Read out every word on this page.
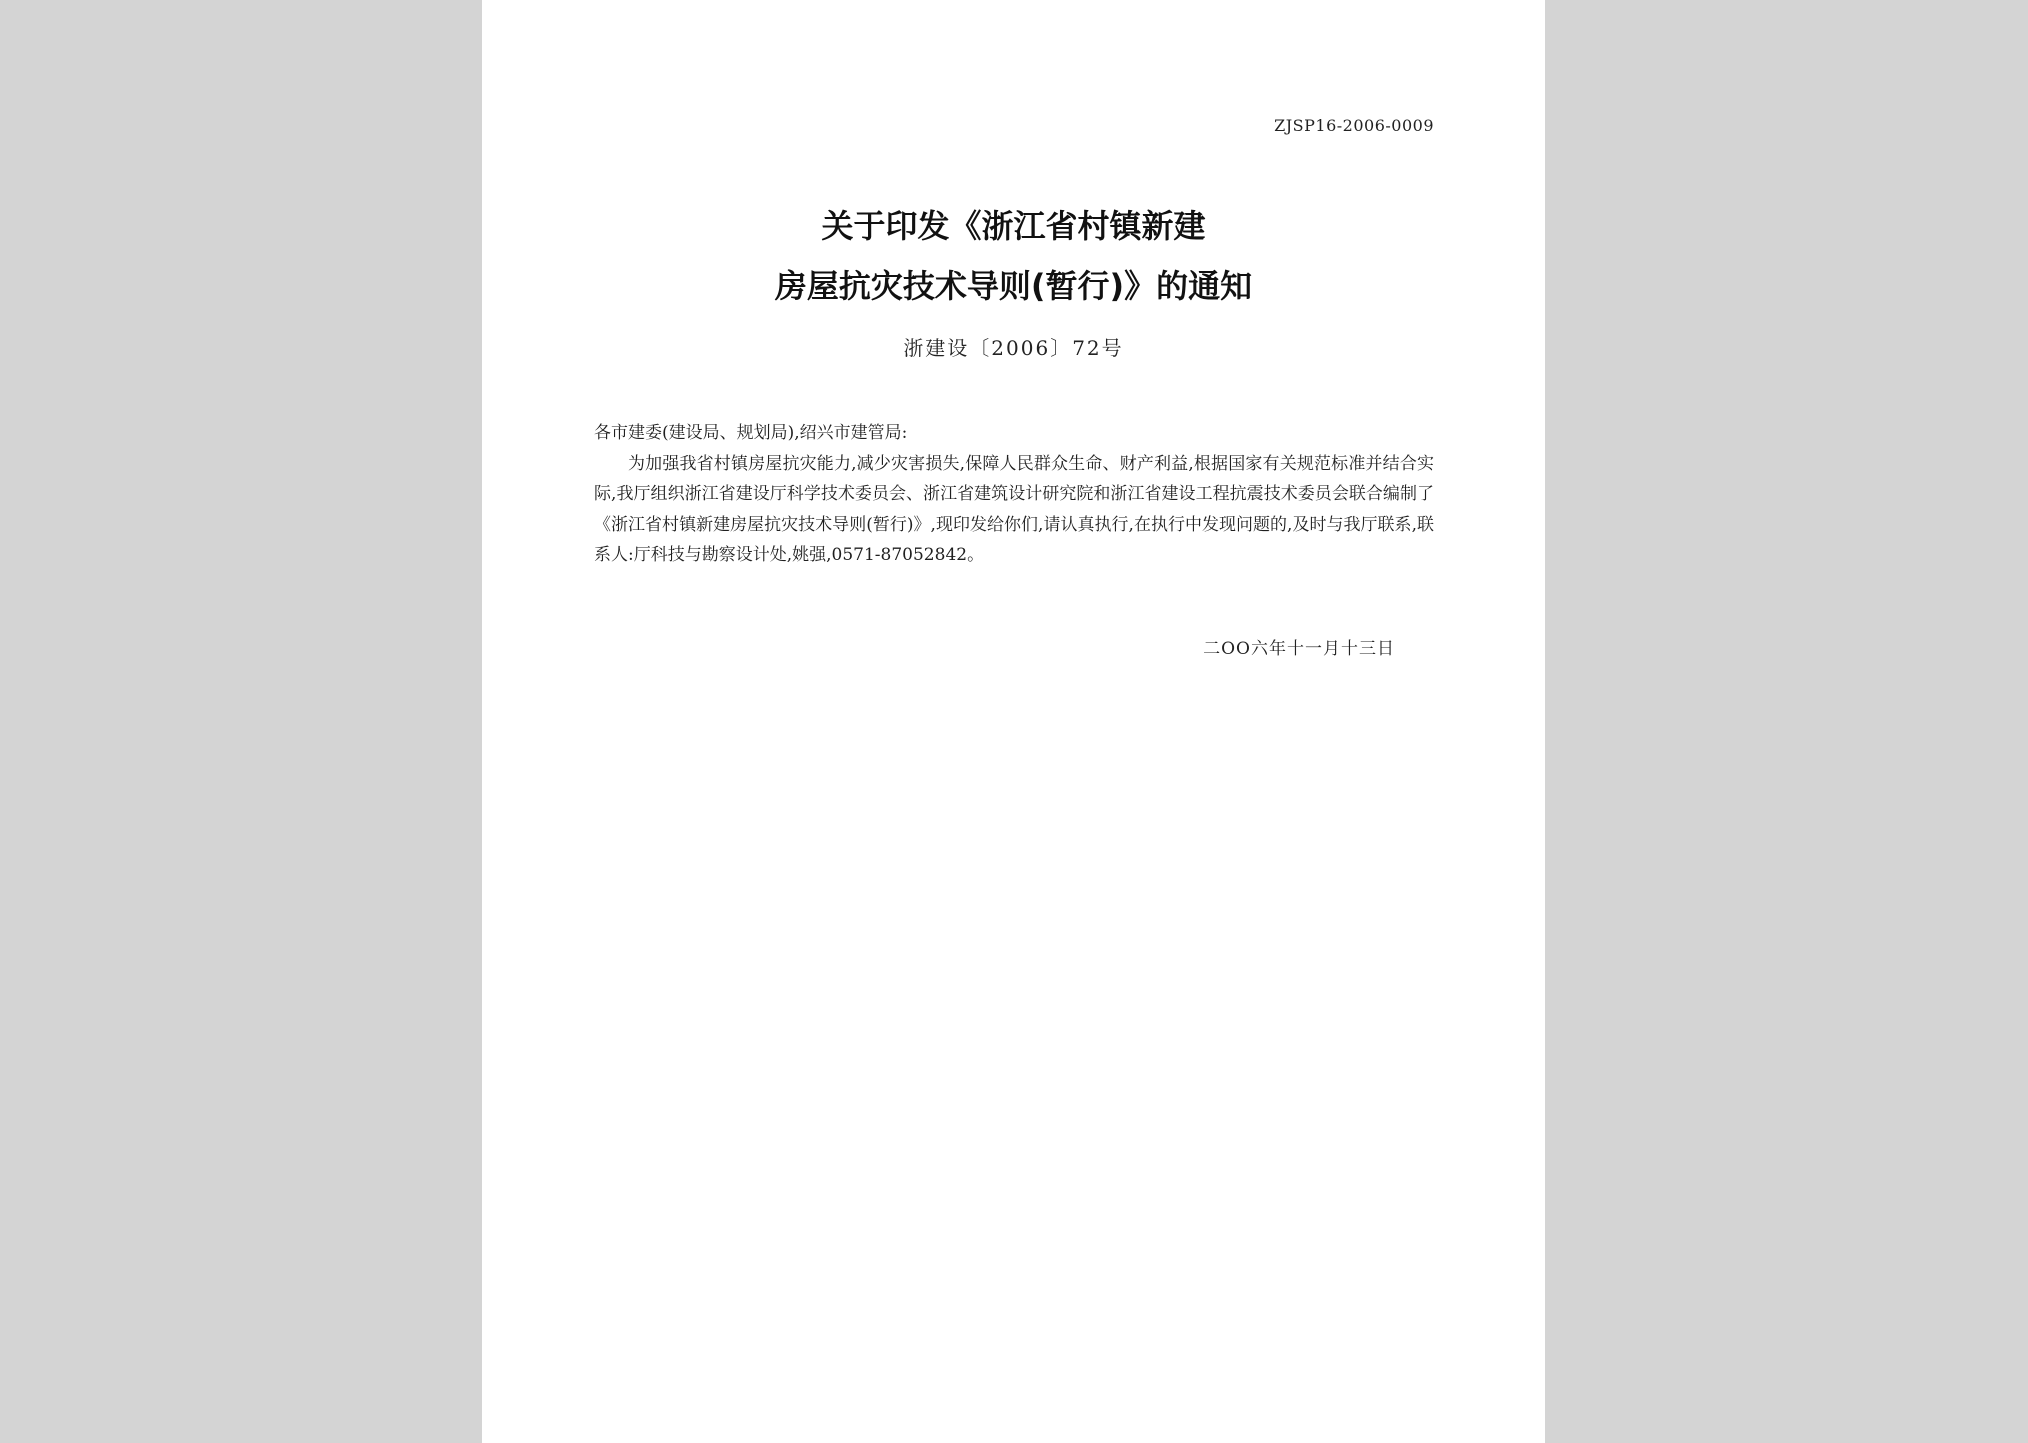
ZJSP16-2006-0009
关于印发《浙江省村镇新建
房屋抗灾技术导则(暂行)》的通知
浙建设〔2006〕72号

各市建委(建设局、规划局),绍兴市建管局:

为加强我省村镇房屋抗灾能力,减少灾害损失,保障人民群众生命、财产利益,根据国家有关规范标准并结合实际,我厅组织浙江省建设厅科学技术委员会、浙江省建筑设计研究院和浙江省建设工程抗震技术委员会联合编制了《浙江省村镇新建房屋抗灾技术导则(暂行)》,现印发给你们,请认真执行,在执行中发现问题的,及时与我厅联系,联系人:厅科技与勘察设计处,姚强,0571-87052842。

二OO六年十一月十三日
